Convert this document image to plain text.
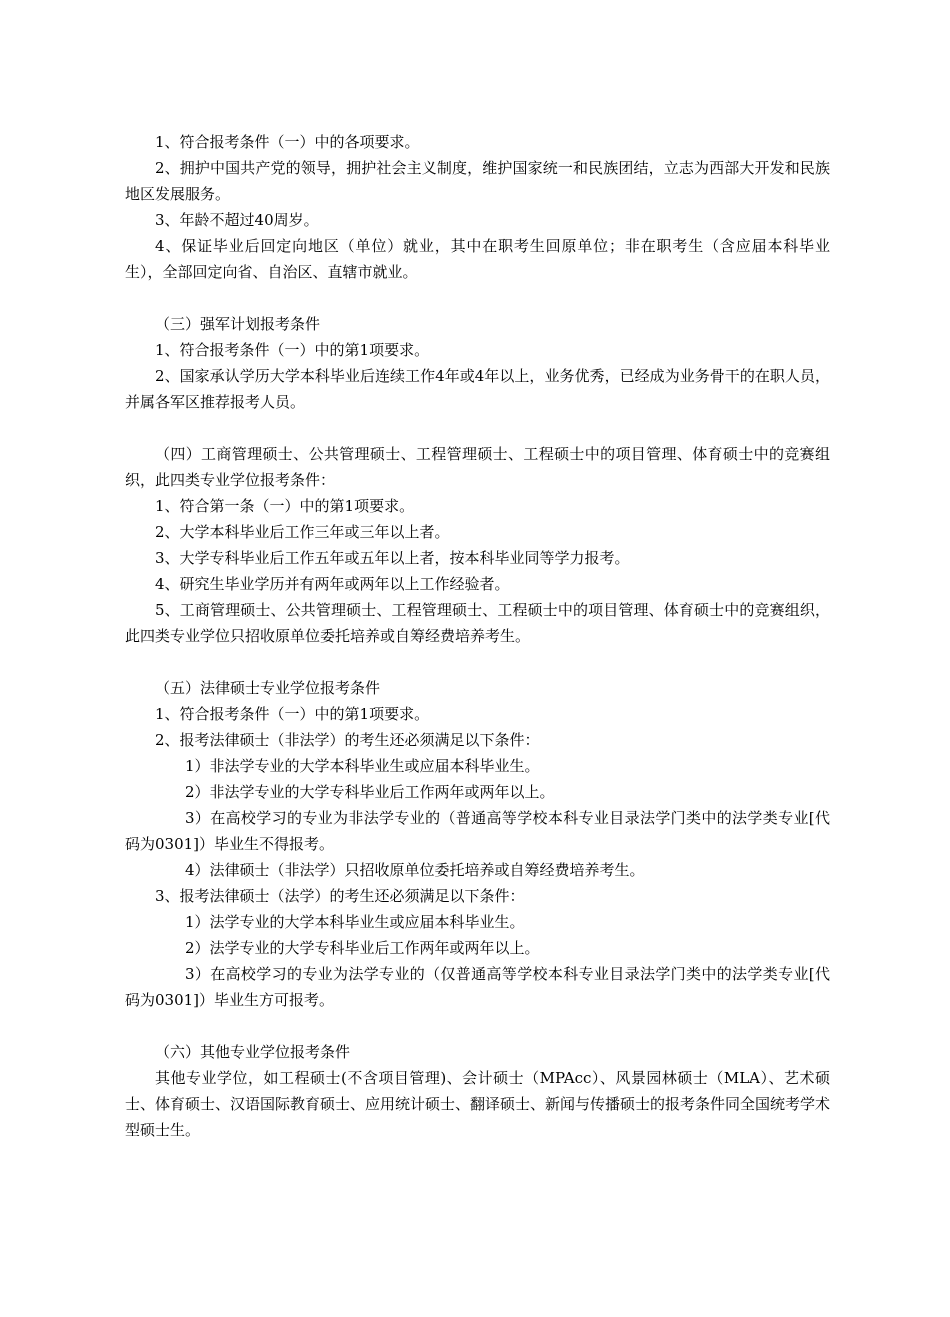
1、符合报考条件（一）中的各项要求。

2、拥护中国共产党的领导，拥护社会主义制度，维护国家统一和民族团结，立志为西部大开发和民族地区发展服务。

3、年龄不超过40周岁。

4、保证毕业后回定向地区（单位）就业，其中在职考生回原单位；非在职考生（含应届本科毕业生），全部回定向省、自治区、直辖市就业。

（三）强军计划报考条件

1、符合报考条件（一）中的第1项要求。

2、国家承认学历大学本科毕业后连续工作4年或4年以上，业务优秀，已经成为业务骨干的在职人员，并属各军区推荐报考人员。

（四）工商管理硕士、公共管理硕士、工程管理硕士、工程硕士中的项目管理、体育硕士中的竞赛组织，此四类专业学位报考条件：

1、符合第一条（一）中的第1项要求。

2、大学本科毕业后工作三年或三年以上者。

3、大学专科毕业后工作五年或五年以上者，按本科毕业同等学力报考。

4、研究生毕业学历并有两年或两年以上工作经验者。

5、工商管理硕士、公共管理硕士、工程管理硕士、工程硕士中的项目管理、体育硕士中的竞赛组织，此四类专业学位只招收原单位委托培养或自筹经费培养考生。

（五）法律硕士专业学位报考条件

1、符合报考条件（一）中的第1项要求。

2、报考法律硕士（非法学）的考生还必须满足以下条件：

1）非法学专业的大学本科毕业生或应届本科毕业生。

2）非法学专业的大学专科毕业后工作两年或两年以上。

3）在高校学习的专业为非法学专业的（普通高等学校本科专业目录法学门类中的法学类专业[代码为0301]）毕业生不得报考。

4）法律硕士（非法学）只招收原单位委托培养或自筹经费培养考生。

3、报考法律硕士（法学）的考生还必须满足以下条件：

1）法学专业的大学本科毕业生或应届本科毕业生。

2）法学专业的大学专科毕业后工作两年或两年以上。

3）在高校学习的专业为法学专业的（仅普通高等学校本科专业目录法学门类中的法学类专业[代码为0301]）毕业生方可报考。

（六）其他专业学位报考条件

其他专业学位，如工程硕士(不含项目管理)、会计硕士（MPAcc）、风景园林硕士（MLA）、艺术硕士、体育硕士、汉语国际教育硕士、应用统计硕士、翻译硕士、新闻与传播硕士的报考条件同全国统考学术型硕士生。
